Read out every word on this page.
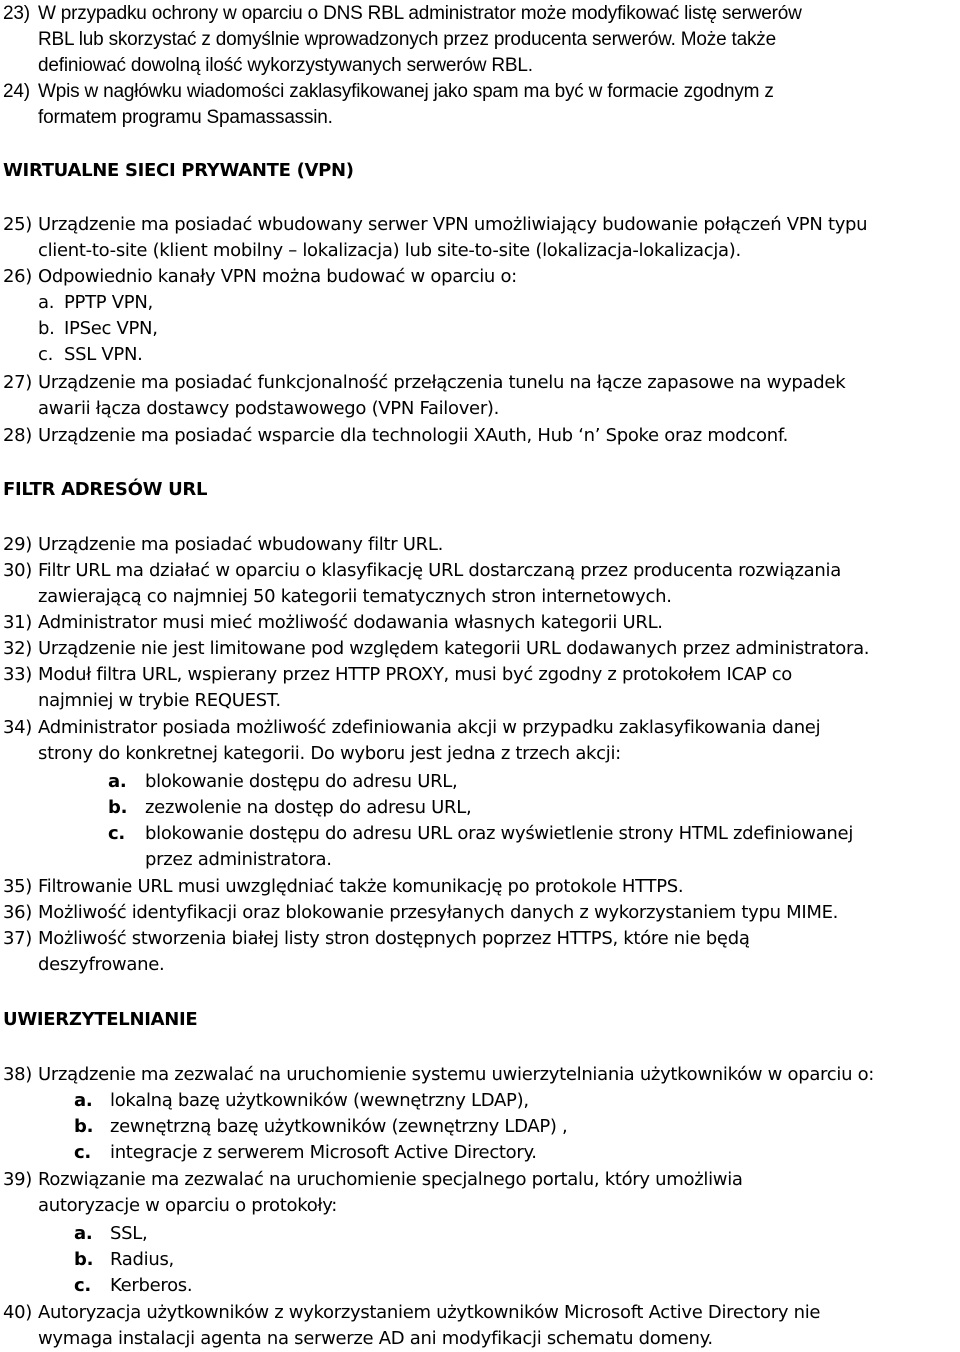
23) W przypadku ochrony w oparciu o DNS RBL administrator może modyfikować listę serwerów
RBL lub skorzystać z domyślnie wprowadzonych przez producenta serwerów. Może także
definiować dowolną ilość wykorzystywanych serwerów RBL.
24) Wpis w nagłówku wiadomości zaklasyfikowanej jako spam ma być w formacie zgodnym z
formatem programu Spamassassin.
WIRTUALNE SIECI PRYWANTE (VPN)
25) Urządzenie ma posiadać wbudowany serwer VPN umożliwiający budowanie połączeń VPN typu
client-to-site (klient mobilny – lokalizacja) lub site-to-site (lokalizacja-lokalizacja).
26) Odpowiednio kanały VPN można budować w oparciu o:
a. PPTP VPN,
b. IPSec VPN,
c. SSL VPN.
27) Urządzenie ma posiadać funkcjonalność przełączenia tunelu na łącze zapasowe na wypadek
awarii łącza dostawcy podstawowego (VPN Failover).
28) Urządzenie ma posiadać wsparcie dla technologii XAuth, Hub ‘n’ Spoke oraz modconf.
FILTR ADRESÓW URL
29) Urządzenie ma posiadać wbudowany filtr URL.
30) Filtr URL ma działać w oparciu o klasyfikację URL dostarczaną przez producenta rozwiązania
zawierającą co najmniej 50 kategorii tematycznych stron internetowych.
31) Administrator musi mieć możliwość dodawania własnych kategorii URL.
32) Urządzenie nie jest limitowane pod względem kategorii URL dodawanych przez administratora.
33) Moduł filtra URL, wspierany przez HTTP PROXY, musi być zgodny z protokołem ICAP co
najmniej w trybie REQUEST.
34) Administrator posiada możliwość zdefiniowania akcji w przypadku zaklasyfikowania danej
strony do konkretnej kategorii. Do wyboru jest jedna z trzech akcji:
a. blokowanie dostępu do adresu URL,
b. zezwolenie na dostęp do adresu URL,
c. blokowanie dostępu do adresu URL oraz wyświetlenie strony HTML zdefiniowanej
przez administratora.
35) Filtrowanie URL musi uwzględniać także komunikację po protokole HTTPS.
36) Możliwość identyfikacji oraz blokowanie przesyłanych danych z wykorzystaniem typu MIME.
37) Możliwość stworzenia białej listy stron dostępnych poprzez HTTPS, które nie będą
deszyfrowane.
UWIERZYTELNIANIE
38) Urządzenie ma zezwalać na uruchomienie systemu uwierzytelniania użytkowników w oparciu o:
a. lokalną bazę użytkowników (wewnętrzny LDAP),
b. zewnętrzną bazę użytkowników (zewnętrzny LDAP) ,
c. integracje z serwerem Microsoft Active Directory.
39) Rozwiązanie ma zezwalać na uruchomienie specjalnego portalu, który umożliwia
autoryzacje w oparciu o protokoły:
a. SSL,
b. Radius,
c. Kerberos.
40) Autoryzacja użytkowników z wykorzystaniem użytkowników Microsoft Active Directory nie
wymaga instalacji agenta na serwerze AD ani modyfikacji schematu domeny.
